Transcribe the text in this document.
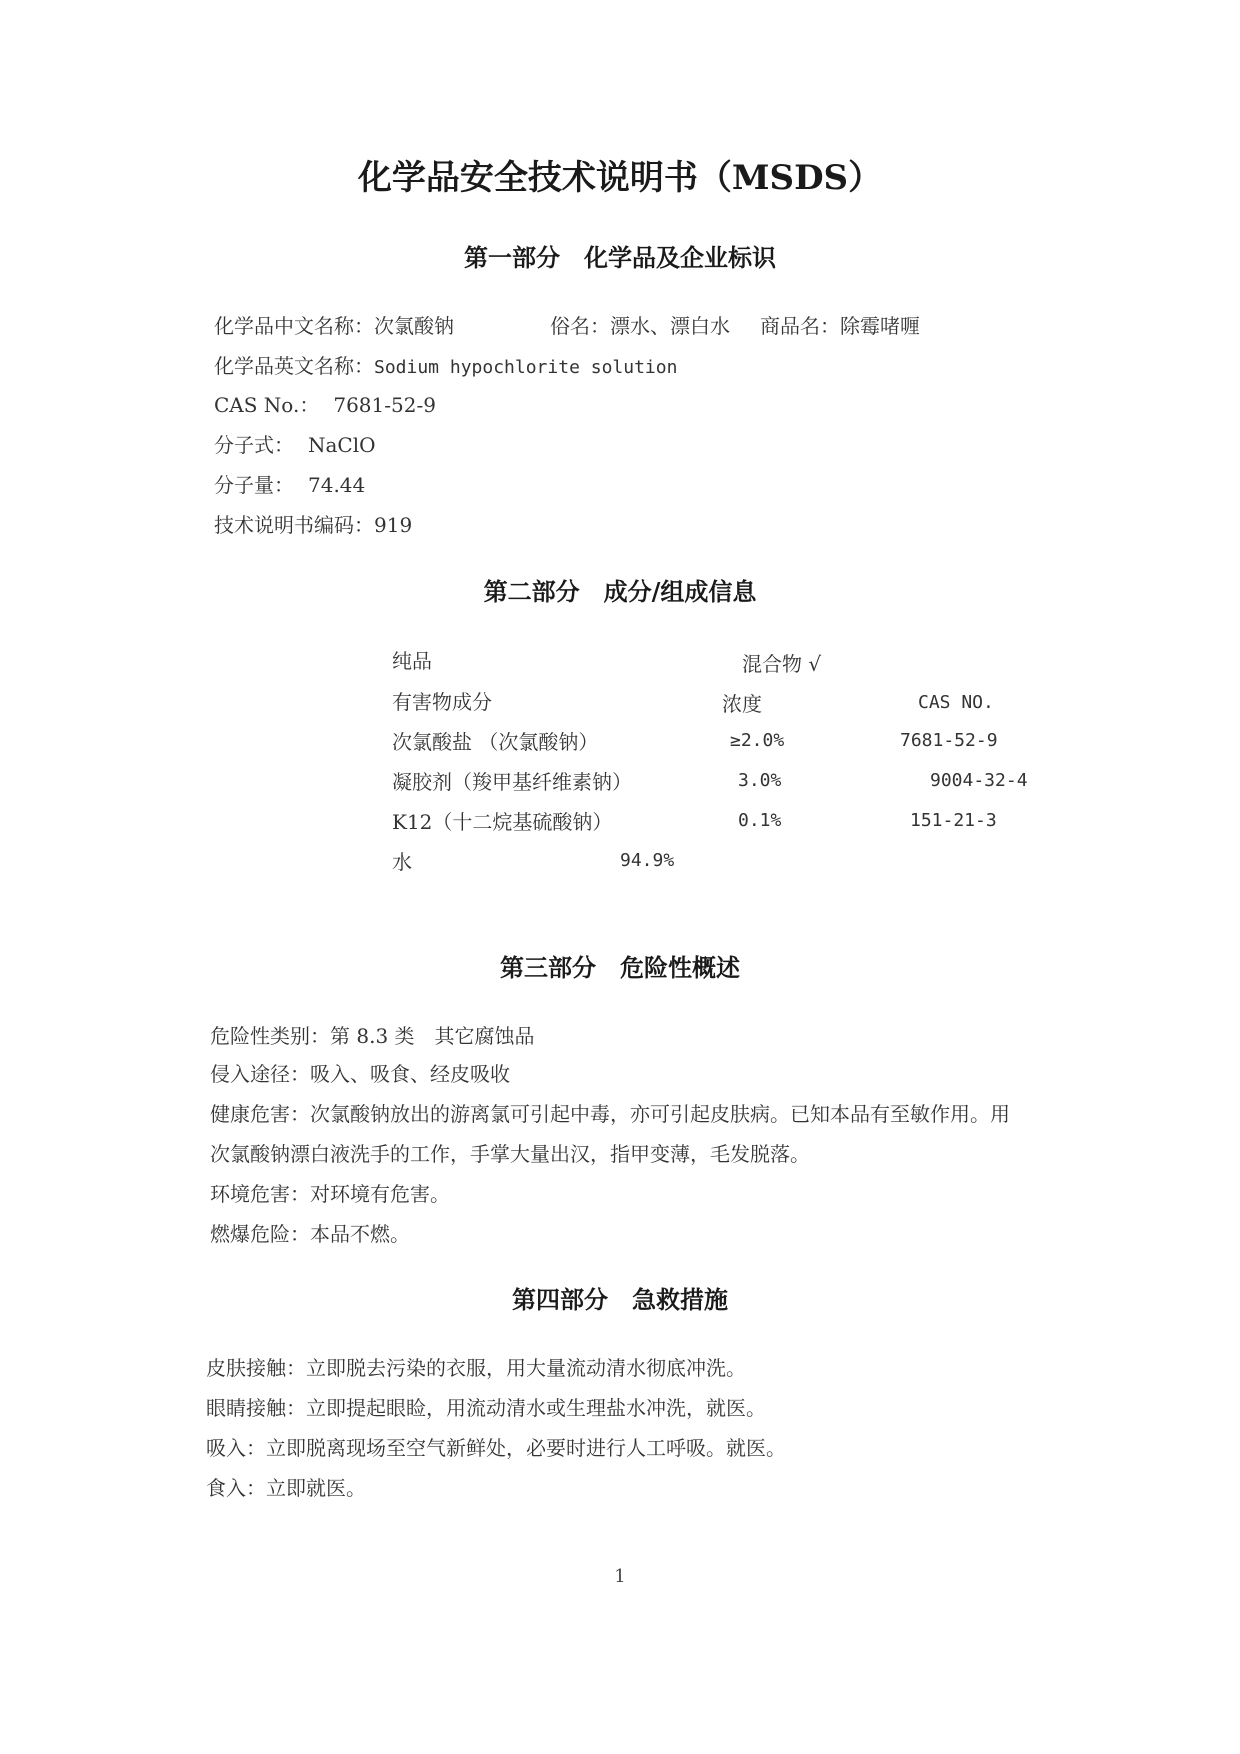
化学品安全技术说明书（MSDS）
第一部分　化学品及企业标识
化学品中文名称：次氯酸钠	俗名：漂水、漂白水 商品名：除霉啫喱
化学品英文名称：Sodium hypochlorite solution
CAS No.： 7681-52-9
分子式： NaClO
分子量： 74.44
技术说明书编码：919
第二部分　成分/组成信息
纯品	混合物 √
有害物成分	浓度	CAS NO.
次氯酸盐 （次氯酸钠）	≥2.0%	7681-52-9
凝胶剂（羧甲基纤维素钠）	3.0%	9004-32-4
K12（十二烷基硫酸钠）	0.1%	151-21-3
水	94.9%
第三部分　危险性概述
危险性类别：第 8.3 类　其它腐蚀品
侵入途径：吸入、吸食、经皮吸收
健康危害：次氯酸钠放出的游离氯可引起中毒，亦可引起皮肤病。已知本品有至敏作用。用
次氯酸钠漂白液洗手的工作，手掌大量出汉，指甲变薄，毛发脱落。
环境危害：对环境有危害。
燃爆危险：本品不燃。
第四部分　急救措施
皮肤接触：立即脱去污染的衣服，用大量流动清水彻底冲洗。
眼睛接触：立即提起眼睑，用流动清水或生理盐水冲洗，就医。
吸入：立即脱离现场至空气新鲜处，必要时进行人工呼吸。就医。
食入：立即就医。
1
